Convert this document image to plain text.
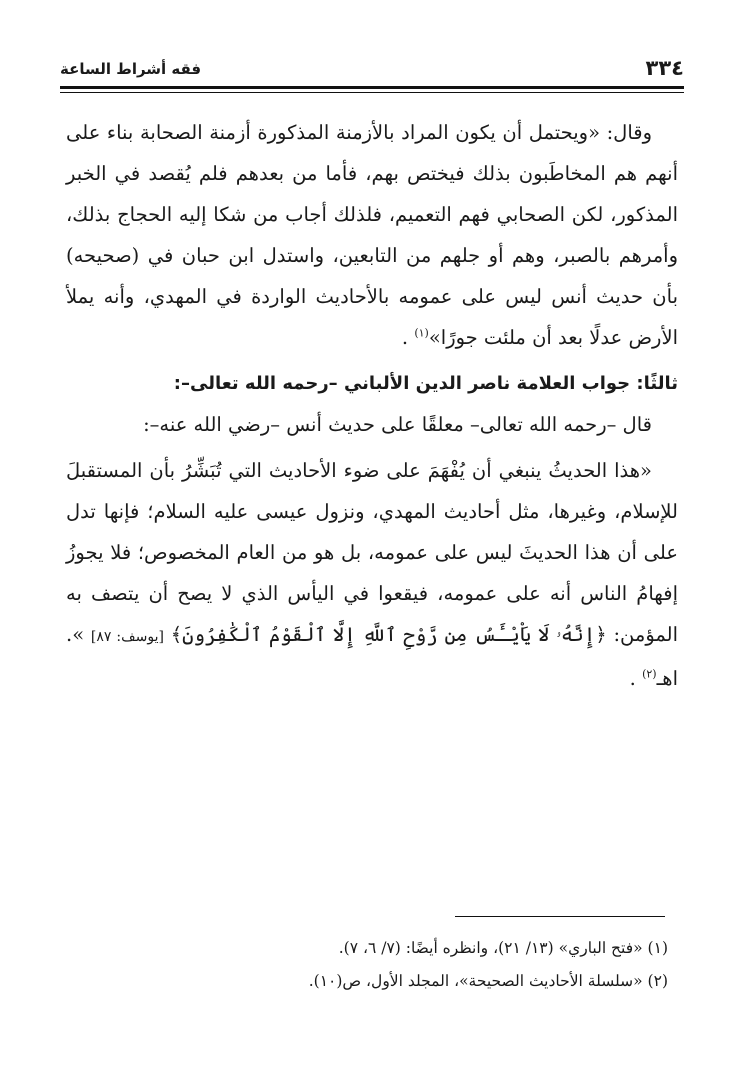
٣٣٤
فقه أشراط الساعة

وقال: «ويحتمل أن يكون المراد بالأزمنة المذكورة أزمنة الصحابة بناء على أنهم هم المخاطَبون بذلك فيختص بهم، فأما من بعدهم فلم يُقصد في الخبر المذكور، لكن الصحابي فهم التعميم، فلذلك أجاب من شكا إليه الحجاج بذلك، وأمرهم بالصبر، وهم أو جلهم من التابعين، واستدل ابن حبان في (صحيحه) بأن حديث أنس ليس على عمومه بالأحاديث الواردة في المهدي، وأنه يملأ الأرض عدلًا بعد أن ملئت جورًا»$^{(١)}$ .

ثالثًا: جواب العلامة ناصر الدين الألباني –رحمه الله تعالى–:

قال –رحمه الله تعالى– معلقًا على حديث أنس –رضي الله عنه–:

«هذا الحديثُ ينبغي أن يُفْهَمَ على ضوء الأحاديث التي تُبَشِّرُ بأن المستقبلَ للإسلام، وغيرها، مثل أحاديث المهدي، ونزول عيسى عليه السلام؛ فإنها تدل على أن هذا الحديثَ ليس على عمومه، بل هو من العام المخصوص؛ فلا يجوزُ إفهامُ الناس أنه على عمومه، فيقعوا في اليأس الذي لا يصح أن يتصف به المؤمن: ﴿إِنَّهُۥ لَا يَاْيْـَٔسُ مِن رَّوْحِ ٱللَّهِ إِلَّا ٱلْقَوْمُ ٱلْكَٰفِرُونَ﴾ [يوسف: ٨٧] ». اهـ$^{(٢)}$ .

(١) «فتح الباري» (١٣/ ٢١)، وانظره أيضًا: (٧/ ٦، ٧).

(٢) «سلسلة الأحاديث الصحيحة»، المجلد الأول، ص(١٠).
